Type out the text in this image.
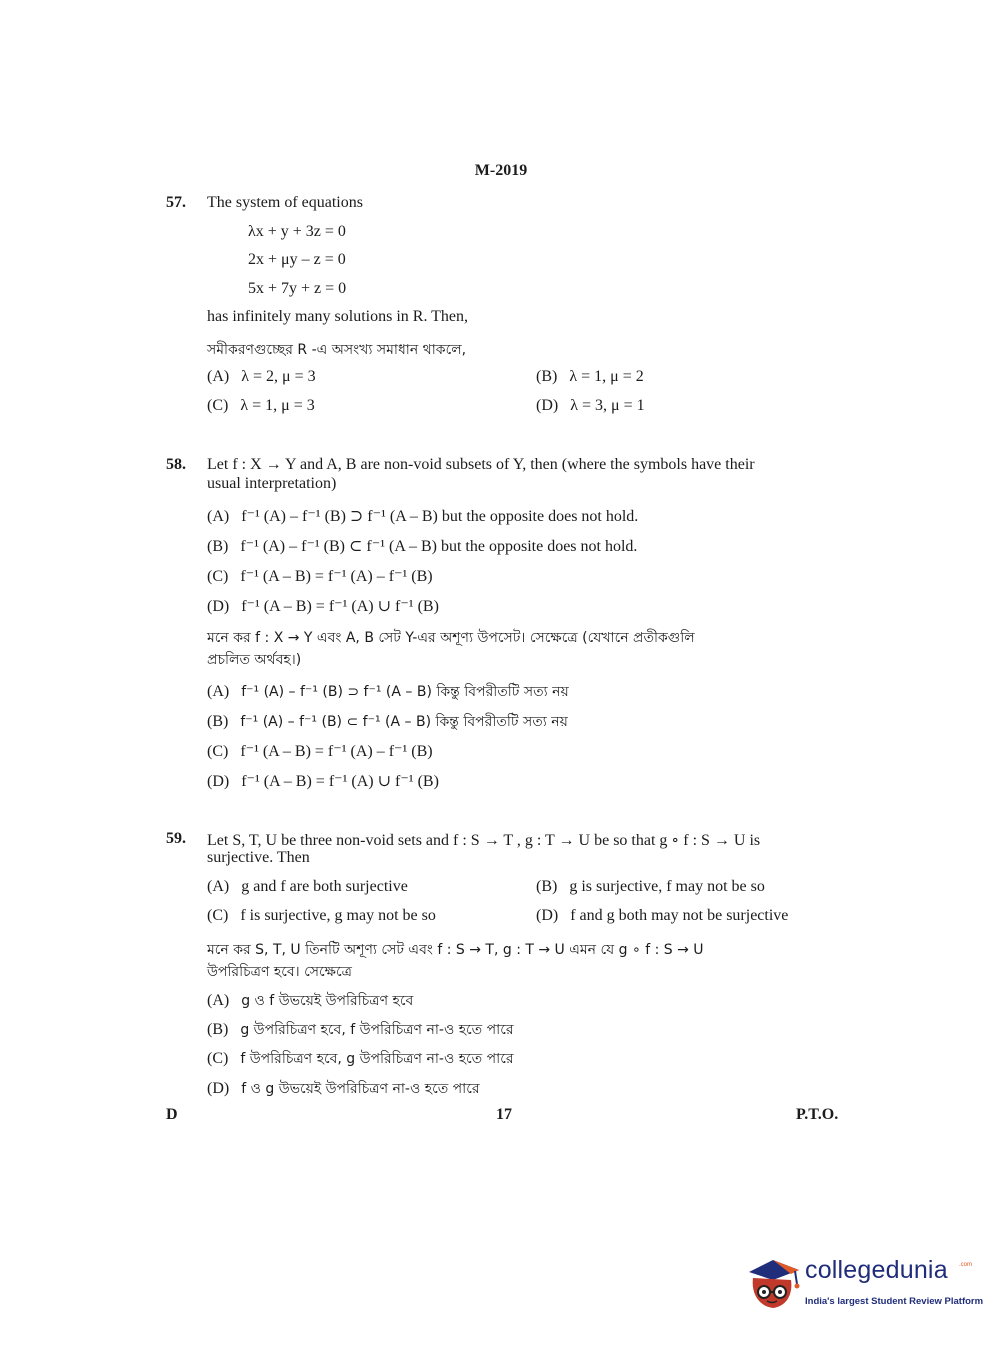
M-2019
57. The system of equations
λx + y + 3z = 0
2x + μy – z = 0
5x + 7y + z = 0
has infinitely many solutions in R. Then,
সমীকরণগুচ্ছের R -এ অসংখ্য সমাধান থাকলে,
(A) λ = 2, μ = 3	(B) λ = 1, μ = 2
(C) λ = 1, μ = 3	(D) λ = 3, μ = 1
58. Let f : X → Y and A, B are non-void subsets of Y, then (where the symbols have their
usual interpretation)
(A) f⁻¹ (A) – f⁻¹ (B) ⊃ f⁻¹ (A – B) but the opposite does not hold.
(B) f⁻¹ (A) – f⁻¹ (B) ⊂ f⁻¹ (A – B) but the opposite does not hold.
(C) f⁻¹ (A – B) = f⁻¹ (A) – f⁻¹ (B)
(D) f⁻¹ (A – B) = f⁻¹ (A) ∪ f⁻¹ (B)
মনে কর f : X → Y এবং A, B সেট Y-এর অশূণ্য উপসেট। সেক্ষেত্রে (যেখানে প্রতীকগুলি
প্রচলিত অর্থবহ।)
(A) f⁻¹ (A) – f⁻¹ (B) ⊃ f⁻¹ (A – B) কিন্তু বিপরীতটি সত্য নয়
(B) f⁻¹ (A) – f⁻¹ (B) ⊂ f⁻¹ (A – B) কিন্তু বিপরীতটি সত্য নয়
(C) f⁻¹ (A – B) = f⁻¹ (A) – f⁻¹ (B)
(D) f⁻¹ (A – B) = f⁻¹ (A) ∪ f⁻¹ (B)
59. Let S, T, U be three non-void sets and f : S → T , g : T → U be so that g ∘ f : S → U is
surjective. Then
(A) g and f are both surjective	(B) g is surjective, f may not be so
(C) f is surjective, g may not be so	(D) f and g both may not be surjective
মনে কর S, T, U তিনটি অশূণ্য সেট এবং f : S → T, g : T → U এমন যে g ∘ f : S → U
উপরিচিত্রণ হবে। সেক্ষেত্রে
(A) g ও f উভয়েই উপরিচিত্রণ হবে
(B) g উপরিচিত্রণ হবে, f উপরিচিত্রণ না-ও হতে পারে
(C) f উপরিচিত্রণ হবে, g উপরিচিত্রণ না-ও হতে পারে
(D) f ও g উভয়েই উপরিচিত্রণ না-ও হতে পারে
D	17	P.T.O.
collegedunia .com
India's largest Student Review Platform
